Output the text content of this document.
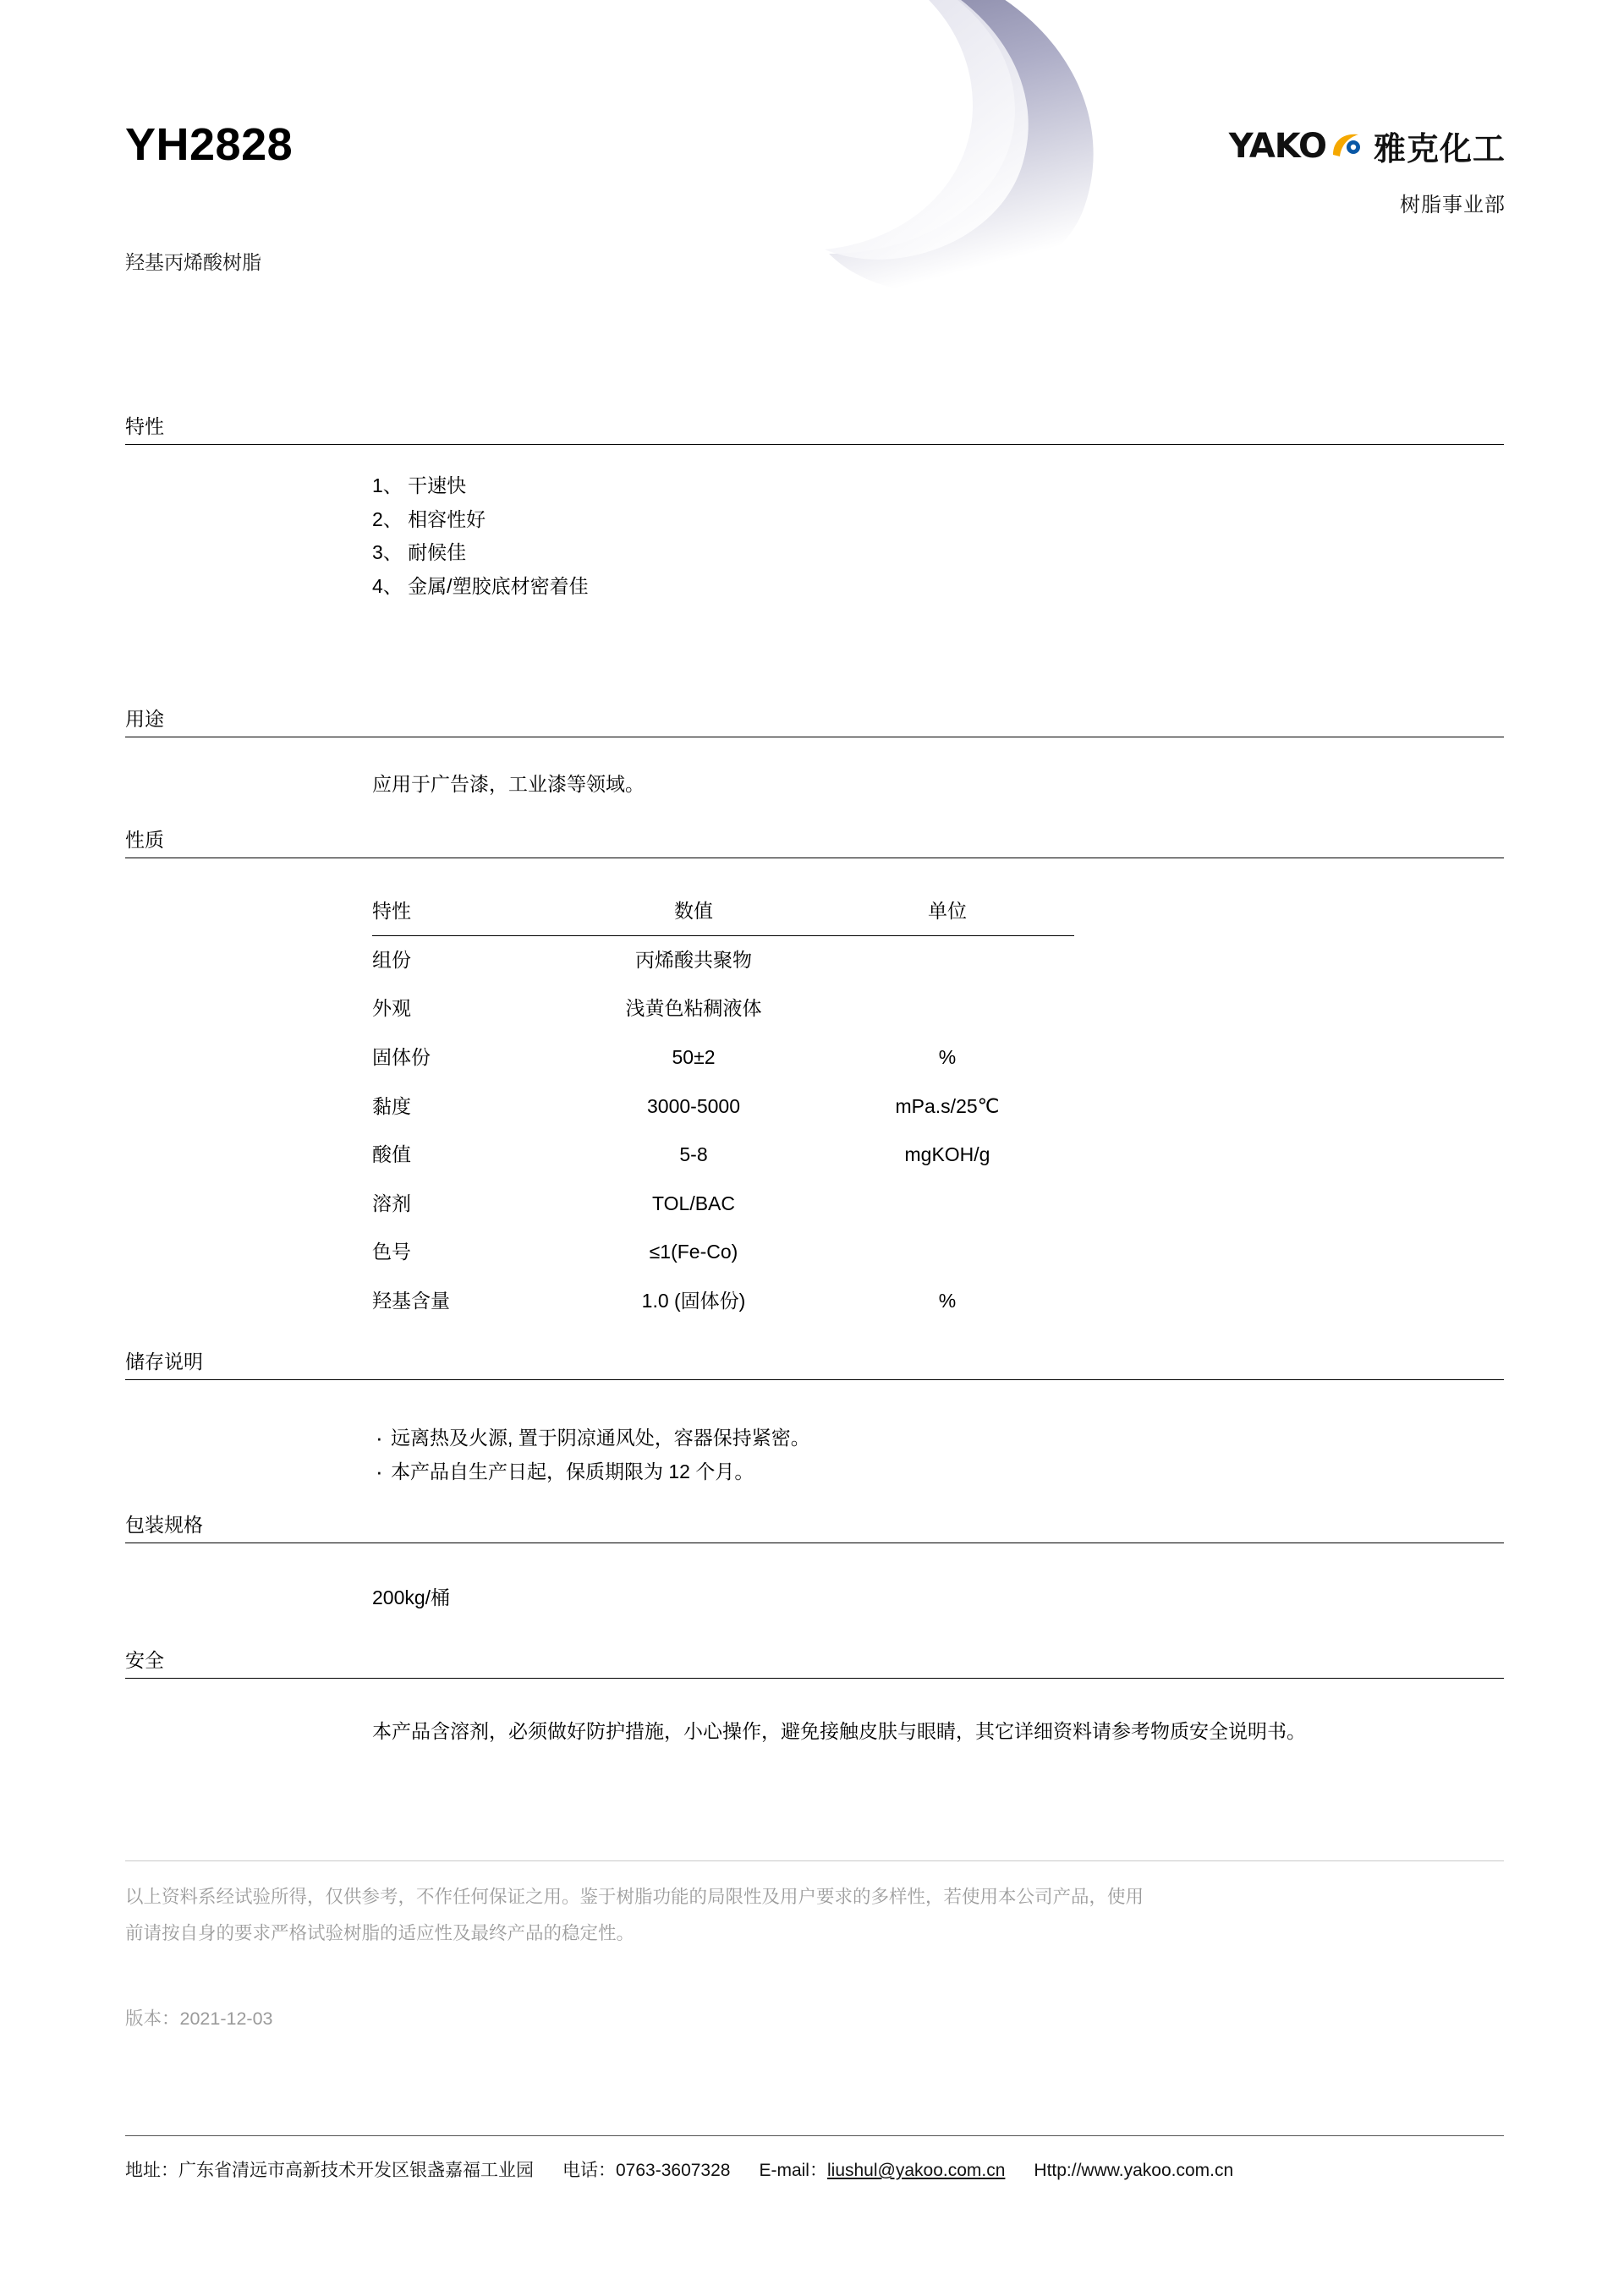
YH2828
羟基丙烯酸树脂
YAKO 雅克化工
树脂事业部
特性
1、 干速快
2、 相容性好
3、 耐候佳
4、 金属/塑胶底材密着佳
用途
应用于广告漆，工业漆等领域。
性质
特性	数值	单位
组份	丙烯酸共聚物	
外观	浅黄色粘稠液体	
固体份	50±2	%
黏度	3000-5000	mPa.s/25℃
酸值	5-8	mgKOH/g
溶剂	TOL/BAC	
色号	≤1(Fe-Co)	
羟基含量	1.0 (固体份)	%
储存说明
· 远离热及火源, 置于阴凉通风处，容器保持紧密。
· 本产品自生产日起，保质期限为 12 个月。
包装规格
200kg/桶
安全
本产品含溶剂，必须做好防护措施，小心操作，避免接触皮肤与眼睛，其它详细资料请参考物质安全说明书。
以上资料系经试验所得，仅供参考，不作任何保证之用。鉴于树脂功能的局限性及用户要求的多样性，若使用本公司产品，使用
前请按自身的要求严格试验树脂的适应性及最终产品的稳定性。
版本：2021-12-03
地址：广东省清远市高新技术开发区银盏嘉福工业园 电话：0763-3607328 E-mail：liushul@yakoo.com.cn Http://www.yakoo.com.cn
